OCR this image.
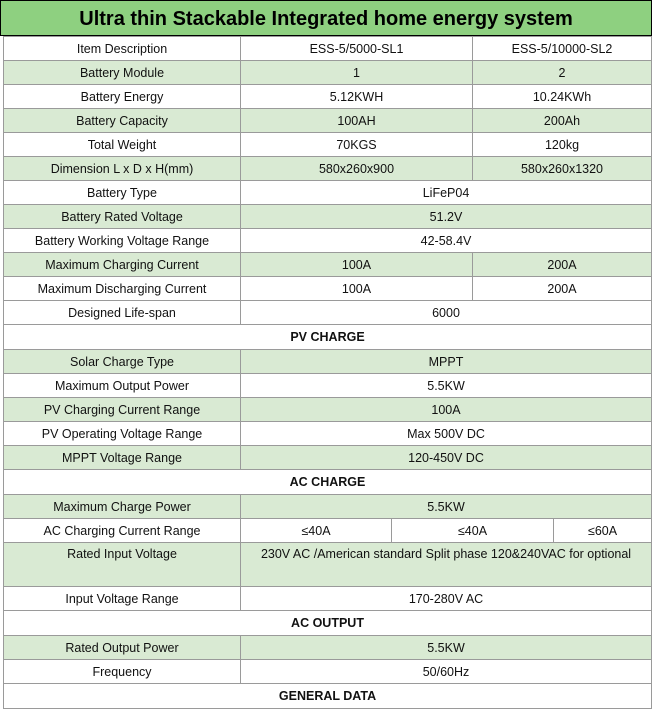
Ultra thin Stackable Integrated home energy system
Item Description	ESS-5/5000-SL1		ESS-5/10000-SL2	
Battery Module	1		2	
Battery Energy	5.12KWH		10.24KWh	
Battery Capacity	100AH		200Ah	
Total Weight	70KGS		120kg	
Dimension L x D x H(mm)	580x260x900		580x260x1320	
Battery Type	LiFeP04			
Battery Rated Voltage	51.2V			
Battery Working Voltage Range	42-58.4V			
Maximum Charging Current	100A		200A	
Maximum Discharging Current	100A		200A	
Designed Life-span	6000			
PV CHARGE				
Solar Charge Type	MPPT			
Maximum Output Power	5.5KW			
PV Charging Current Range	100A			
PV Operating Voltage Range	Max 500V DC			
MPPT Voltage Range	120-450V DC			
AC CHARGE				
Maximum Charge Power	5.5KW			
AC Charging Current Range	≤40A	≤40A		≤60A
Rated Input Voltage	230V AC /American standard Split phase 120&240VAC for optional			
Input Voltage Range	170-280V AC			
AC OUTPUT				
Rated Output Power	5.5KW			
Frequency	50/60Hz			
GENERAL DATA				
